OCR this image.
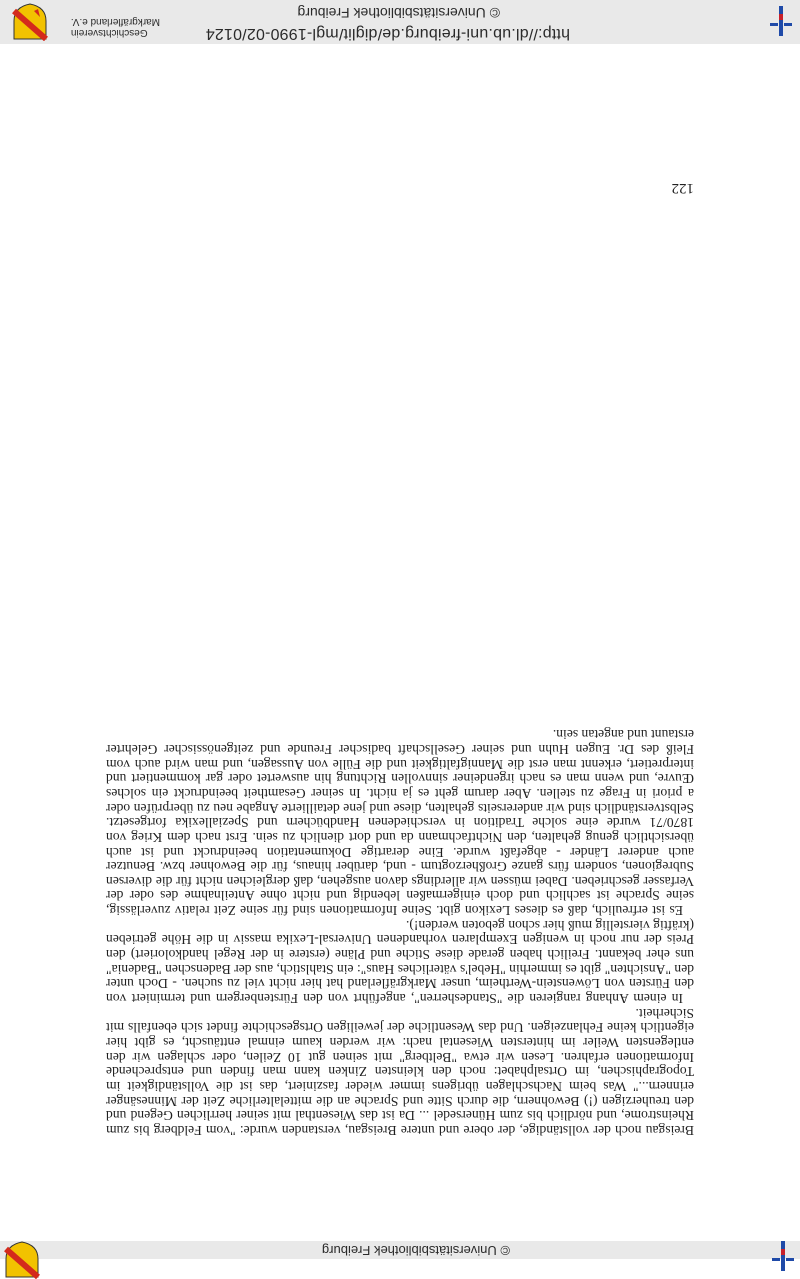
© Universitätsbibliothek Freiburg
122

Breisgau noch der vollständige, der obere und untere Breisgau, verstanden wurde: "vom Feldberg bis zum Rheinstrome, und nördlich bis zum Hünersedel ... Da ist das Wiesenthal mit seiner herrlichen Gegend und den treuherzigen (!) Bewohnern, die durch Sitte und Sprache an die mittelalterliche Zeit der Minnesänger erinnern..." Was beim Nachschlagen übrigens immer wieder fasziniert, das ist die Vollständigkeit im Topographischen, im Ortsalphabet: noch den kleinsten Zinken kann man finden und entsprechende Informationen erfahren. Lesen wir etwa "Beltberg" mit seinen gut 10 Zeilen, oder schlagen wir den entlegensten Weiler im hintersten Wiesental nach: wir werden kaum einmal enttäuscht, es gibt hier eigentlich keine Fehlanzeigen. Und das Wesentliche der jeweiligen Ortsgeschichte findet sich ebenfalls mit Sicherheit.

In einem Anhang rangieren die "Standesherren", angeführt von den Fürstenbergern und terminiert von den Fürsten von Löwenstein-Wertheim, unser Markgräflerland hat hier nicht viel zu suchen. - Doch unter den "Ansichten" gibt es immerhin "Hebel's väterliches Haus": ein Stahlstich, aus der Badenschen "Badenia" uns eher bekannt. Freilich haben gerade diese Stiche und Pläne (erstere in der Regel handkoloriert) den Preis der nur noch in wenigen Exemplaren vorhandenen Universal-Lexika massiv in die Höhe getrieben (kräftig vierstellig muß hier schon geboten werden!).

Es ist erfreulich, daß es dieses Lexikon gibt. Seine Informationen sind für seine Zeit relativ zuverlässig, seine Sprache ist sachlich und doch einigermaßen lebendig und nicht ohne Anteilnahme des oder der Verfasser geschrieben. Dabei müssen wir allerdings davon ausgehen, daß dergleichen nicht für die diversen Subregionen, sondern fürs ganze Großherzogtum - und, darüber hinaus, für die Bewohner bzw. Benutzer auch anderer Länder - abgefaßt wurde. Eine derartige Dokumentation beeindruckt und ist auch übersichtlich genug gehalten, den Nichtfachmann da und dort dienlich zu sein. Erst nach dem Krieg von 1870/71 wurde eine solche Tradition in verschiedenen Handbüchern und Speziallexika fortgesetzt. Selbstverständlich sind wir andererseits gehalten, diese und jene detaillierte Angabe neu zu überprüfen oder a priori in Frage zu stellen. Aber darum geht es ja nicht. In seiner Gesamtheit beeindruckt ein solches Œuvre, und wenn man es nach irgendeiner sinnvollen Richtung hin auswertet oder gar kommentiert und interpretiert, erkennt man erst die Mannigfaltigkeit und die Fülle von Aussagen, und man wird auch vom Fleiß des Dr. Eugen Huhn und seiner Gesellschaft badischer Freunde und zeitgenössischer Gelehrter erstaunt und angetan sein.

http://dl.ub.uni-freiburg.de/diglit/mgl-1990-02/0124
© Universitätsbibliothek Freiburg
Geschichtsverein
Markgräflerland e.V.
